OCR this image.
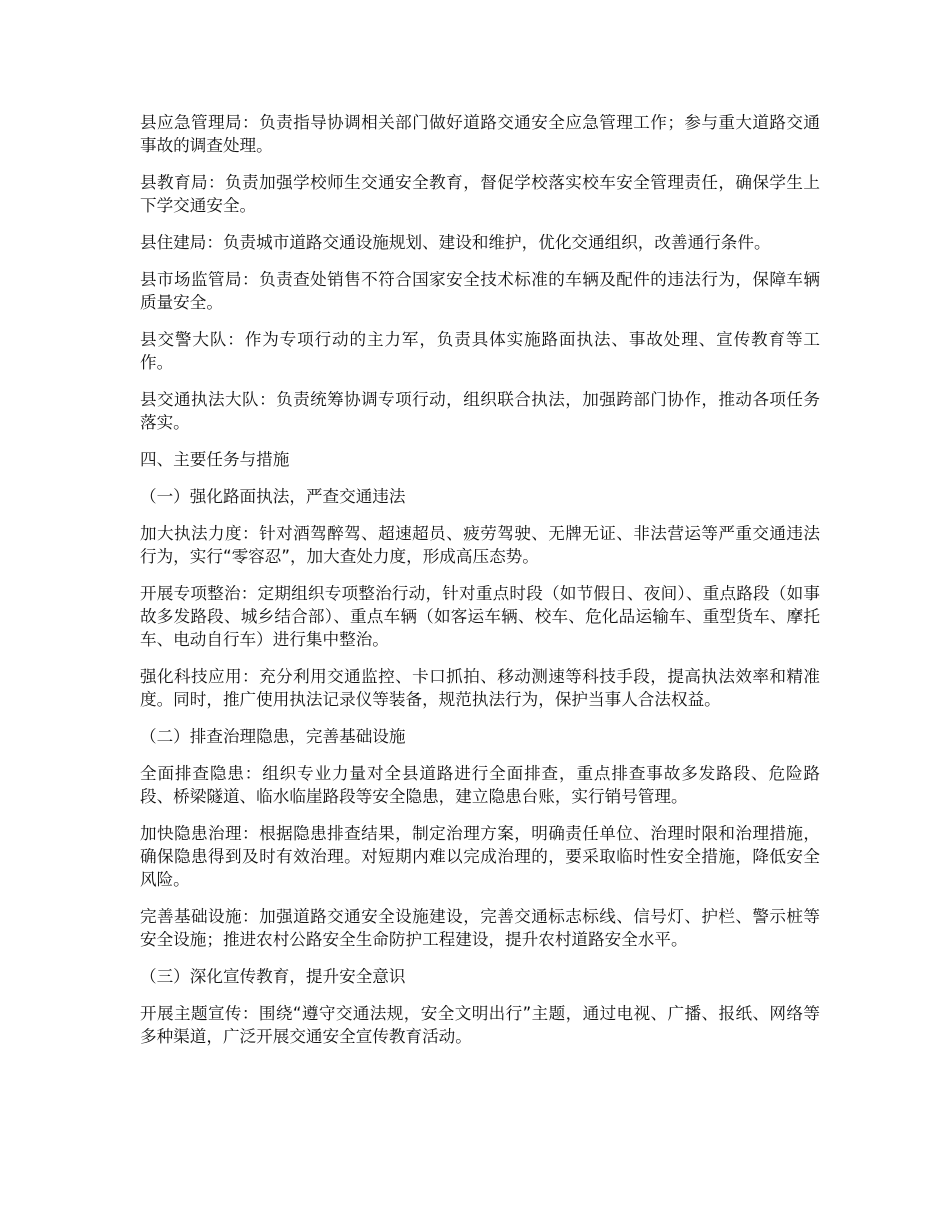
县应急管理局：负责指导协调相关部门做好道路交通安全应急管理工作；参与重大道路交通事故的调查处理。

县教育局：负责加强学校师生交通安全教育，督促学校落实校车安全管理责任，确保学生上下学交通安全。

县住建局：负责城市道路交通设施规划、建设和维护，优化交通组织，改善通行条件。

县市场监管局：负责查处销售不符合国家安全技术标准的车辆及配件的违法行为，保障车辆质量安全。

县交警大队：作为专项行动的主力军，负责具体实施路面执法、事故处理、宣传教育等工作。

县交通执法大队：负责统筹协调专项行动，组织联合执法，加强跨部门协作，推动各项任务落实。

四、主要任务与措施

（一）强化路面执法，严查交通违法

加大执法力度：针对酒驾醉驾、超速超员、疲劳驾驶、无牌无证、非法营运等严重交通违法行为，实行“零容忍”，加大查处力度，形成高压态势。

开展专项整治：定期组织专项整治行动，针对重点时段（如节假日、夜间）、重点路段（如事故多发路段、城乡结合部）、重点车辆（如客运车辆、校车、危化品运输车、重型货车、摩托车、电动自行车）进行集中整治。

强化科技应用：充分利用交通监控、卡口抓拍、移动测速等科技手段，提高执法效率和精准度。同时，推广使用执法记录仪等装备，规范执法行为，保护当事人合法权益。

（二）排查治理隐患，完善基础设施

全面排查隐患：组织专业力量对全县道路进行全面排查，重点排查事故多发路段、危险路段、桥梁隧道、临水临崖路段等安全隐患，建立隐患台账，实行销号管理。

加快隐患治理：根据隐患排查结果，制定治理方案，明确责任单位、治理时限和治理措施，确保隐患得到及时有效治理。对短期内难以完成治理的，要采取临时性安全措施，降低安全风险。

完善基础设施：加强道路交通安全设施建设，完善交通标志标线、信号灯、护栏、警示桩等安全设施；推进农村公路安全生命防护工程建设，提升农村道路安全水平。

（三）深化宣传教育，提升安全意识

开展主题宣传：围绕“遵守交通法规，安全文明出行”主题，通过电视、广播、报纸、网络等多种渠道，广泛开展交通安全宣传教育活动。
